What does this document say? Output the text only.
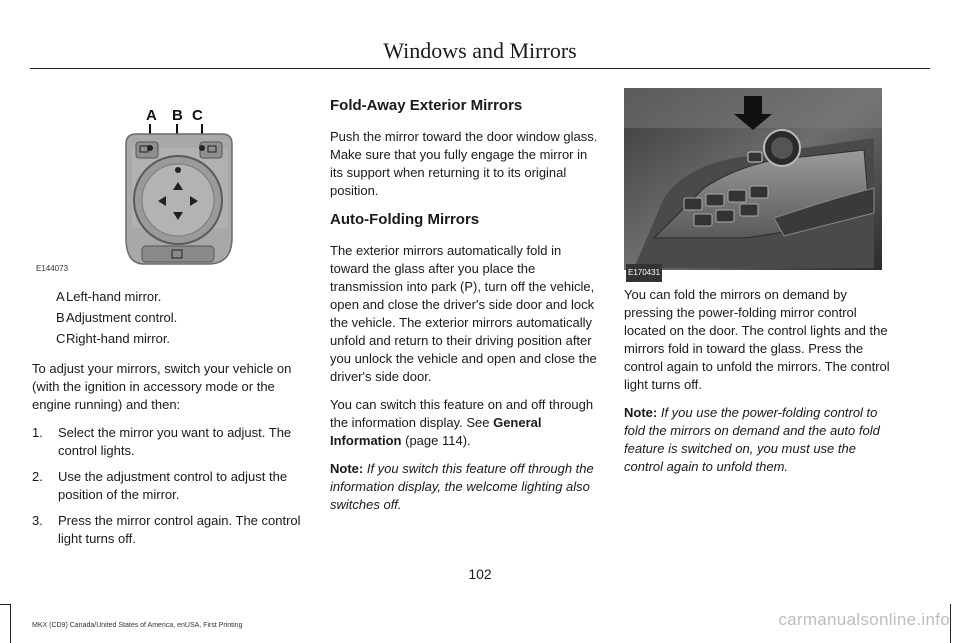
Windows and Mirrors
A B C
E144073
A Left-hand mirror.
B Adjustment control.
C Right-hand mirror.

To adjust your mirrors, switch your vehicle on (with the ignition in accessory mode or the engine running) and then:

1.	Select the mirror you want to adjust. The control lights.
2.	Use the adjustment control to adjust the position of the mirror.
3.	Press the mirror control again. The control light turns off.
Fold-Away Exterior Mirrors

Push the mirror toward the door window glass. Make sure that you fully engage the mirror in its support when returning it to its original position.

Auto-Folding Mirrors

The exterior mirrors automatically fold in toward the glass after you place the transmission into park (P), turn off the vehicle, open and close the driver's side door and lock the vehicle. The exterior mirrors automatically unfold and return to their driving position after you unlock the vehicle and open and close the driver's side door.

You can switch this feature on and off through the information display. See General Information (page 114).

Note: If you switch this feature off through the information display, the welcome lighting also switches off.

E170431

You can fold the mirrors on demand by pressing the power-folding mirror control located on the door. The control lights and the mirrors fold in toward the glass. Press the control again to unfold the mirrors. The control light turns off.

Note: If you use the power-folding control to fold the mirrors on demand and the auto fold feature is switched on, you must use the control again to unfold them.

102
MKX (CD9) Canada/United States of America, enUSA, First Printing	carmanualsonline.info
